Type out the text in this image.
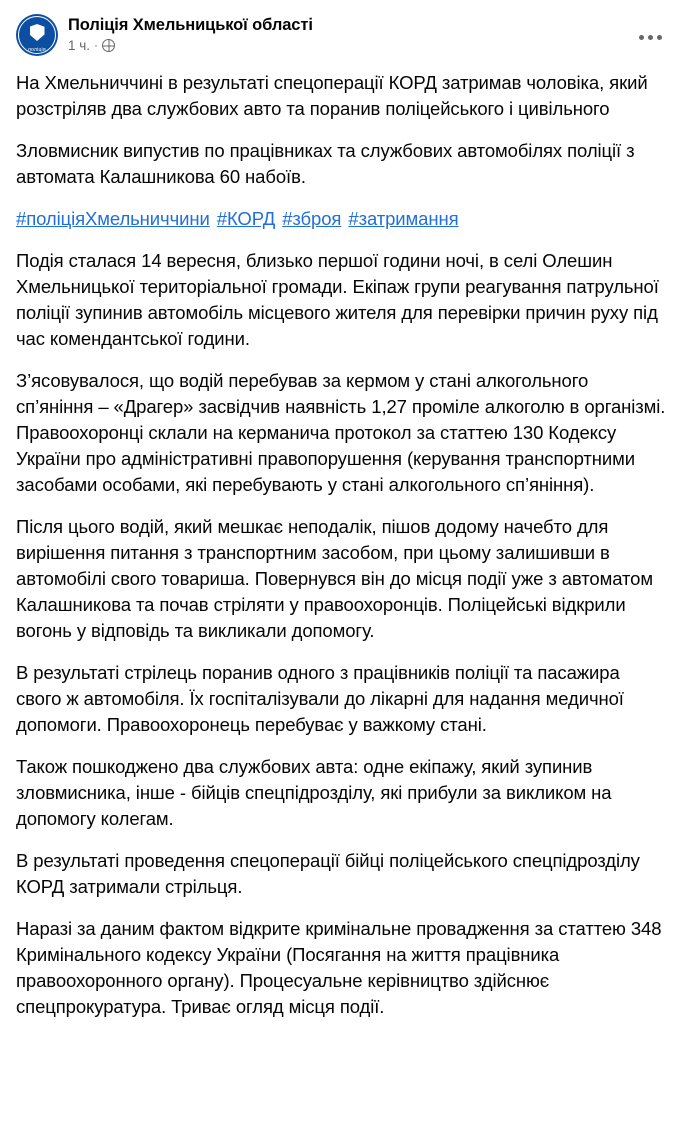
поліція
Поліція Хмельницької області
1 ч. ·

На Хмельниччині в результаті спецоперації КОРД затримав чоловіка, який розстріляв два службових авто та поранив поліцейського і цивільного

Зловмисник випустив по працівниках та службових автомобілях поліції з автомата Калашникова 60 набоїв.

#поліціяХмельниччини #КОРД #зброя #затримання

Подія сталася 14 вересня, близько першої години ночі, в селі Олешин Хмельницької територіальної громади. Екіпаж групи реагування патрульної поліції зупинив автомобіль місцевого жителя для перевірки причин руху під час комендантської години.

З’ясовувалося, що водій перебував за кермом у стані алкогольного сп’яніння – «Драгер» засвідчив наявність 1,27 проміле алкоголю в організмі. Правоохоронці склали на керманича протокол за статтею 130 Кодексу України про адміністративні правопорушення (керування транспортними засобами особами, які перебувають у стані алкогольного сп’яніння).

Після цього водій, який мешкає неподалік, пішов додому начебто для вирішення питання з транспортним засобом, при цьому залишивши в автомобілі свого товариша. Повернувся він до місця події уже з автоматом Калашникова та почав стріляти у правоохоронців. Поліцейські відкрили вогонь у відповідь та викликали допомогу.

В результаті стрілець поранив одного з працівників поліції та пасажира свого ж автомобіля. Їх госпіталізували до лікарні для надання медичної допомоги. Правоохоронець перебуває у важкому стані.

Також пошкоджено два службових авта: одне екіпажу, який зупинив зловмисника, інше - бійців спецпідрозділу, які прибули за викликом на допомогу колегам.

В результаті проведення спецоперації бійці поліцейського спецпідрозділу КОРД затримали стрільця.

Наразі за даним фактом відкрите кримінальне провадження за статтею 348 Кримінального кодексу України (Посягання на життя працівника правоохоронного органу). Процесуальне керівництво здійснює спецпрокуратура. Триває огляд місця події.
